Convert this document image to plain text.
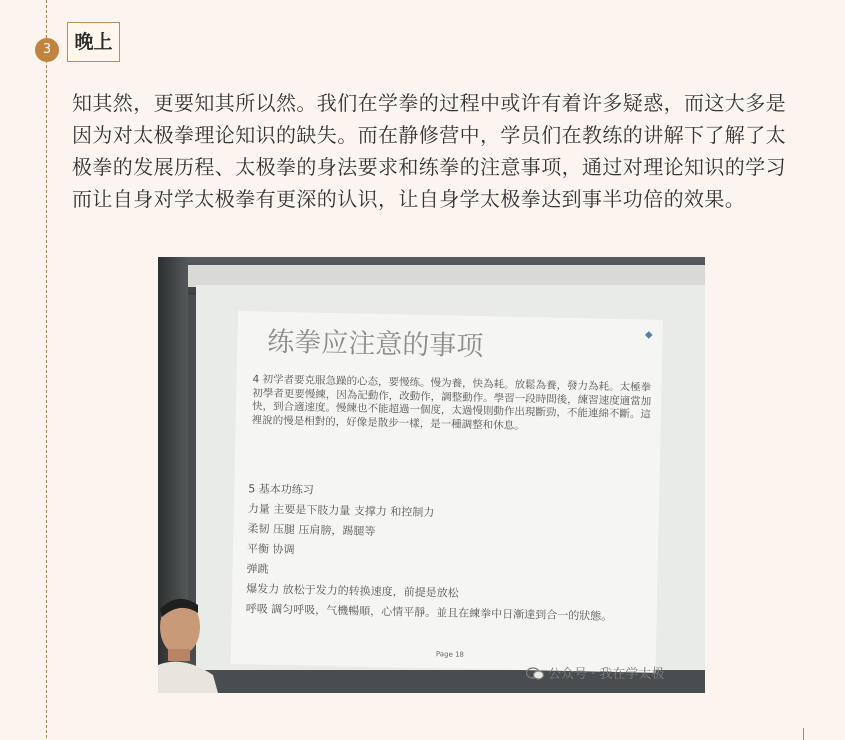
3	晚上

知其然，更要知其所以然。我们在学拳的过程中或许有着许多疑惑，而这大多是因为对太极拳理论知识的缺失。而在静修营中，学员们在教练的讲解下了解了太极拳的发展历程、太极拳的身法要求和练拳的注意事项，通过对理论知识的学习而让自身对学太极拳有更深的认识，让自身学太极拳达到事半功倍的效果。

练拳应注意的事项	◆
4 初学者要克服急躁的心态，要慢练。慢为養，快為耗。放鬆為養，發力為耗。太極拳初學者更要慢練，因為記動作，改動作，調整動作。學習一段時間後，練習速度適當加快，到合適速度。慢練也不能超過一個度，太過慢則動作出現斷勁，不能連綿不斷。這裡說的慢是相對的，好像是散步一樣，是一種調整和休息。
5 基本功练习
力量 主要是下肢力量 支撑力 和控制力
柔韧 压腿 压肩膀，踢腿等
平衡 协调
弹跳
爆发力 放松于发力的转换速度，前提是放松
呼吸 調匀呼吸，气機暢順，心情平靜。並且在練拳中日漸達到合一的狀態。
Page 18
公众号 · 我在学太极
